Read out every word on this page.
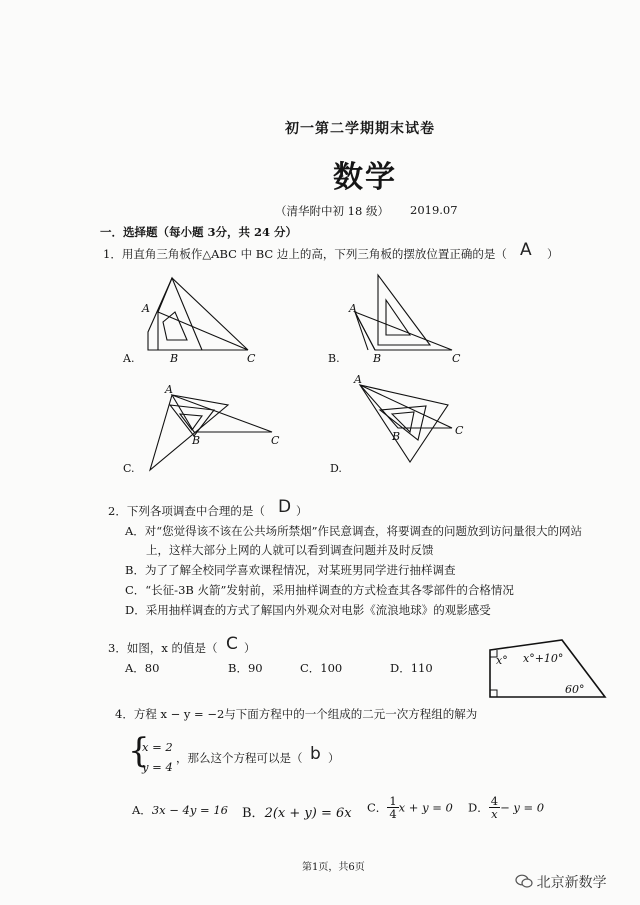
初一第二学期期末试卷
数学
（清华附中初 18 级） 2019.07
一．选择题（每小题 3分，共 24 分）
1．用直角三角板作△ABC 中 BC 边上的高，下列三角板的摆放位置正确的是（ A ）
A
B	C
A.
A
B	C
B.
A
B	C
C.
A
B	C
D.
2．下列各项调查中合理的是（ D ）
A．对“您觉得该不该在公共场所禁烟”作民意调查，将要调查的问题放到访问量很大的网站
上，这样大部分上网的人就可以看到调查问题并及时反馈
B．为了了解全校同学喜欢课程情况，对某班男同学进行抽样调查
C．“长征-3B 火箭”发射前，采用抽样调查的方式检查其各零部件的合格情况
D．采用抽样调查的方式了解国内外观众对电影《流浪地球》的观影感受
3．如图，x 的值是（ C ）
A．80	B．90	C．100	D．110
x° x°+10°
60°
4．方程 x − y = −2与下面方程中的一个组成的二元一次方程组的解为
{
x = 2
y = 4
，那么这个方程可以是（ b ）
A．3x − 4y = 16 B．2(x + y) = 6x C． $\frac{1}{4}$ x + y = 0 D． $\frac{4}{x} - y = 0$
第1页，共6页
北京新数学
